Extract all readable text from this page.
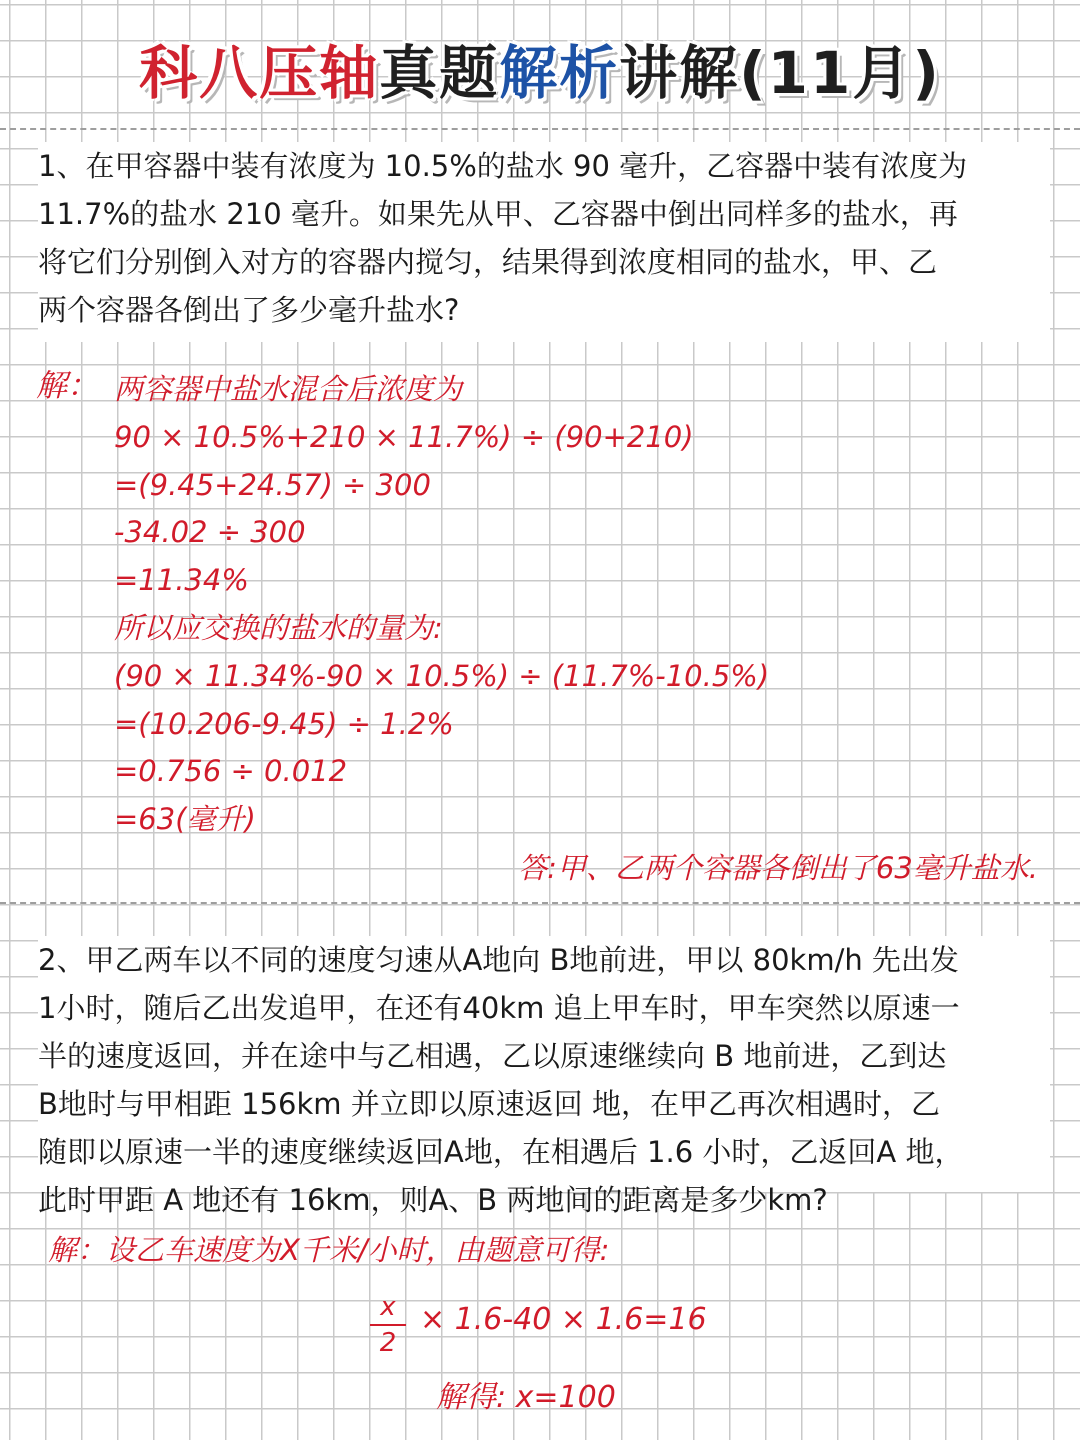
科八压轴真题解析讲解(11月)

1、在甲容器中装有浓度为 10.5%的盐水 90 毫升，乙容器中装有浓度为

11.7%的盐水 210 毫升。如果先从甲、乙容器中倒出同样多的盐水，再

将它们分别倒入对方的容器内搅匀，结果得到浓度相同的盐水，甲、乙

两个容器各倒出了多少毫升盐水?

解： 两容器中盐水混合后浓度为
90 × 10.5%+210 × 11.7%) ÷ (90+210)
=(9.45+24.57) ÷ 300
-34.02 ÷ 300
=11.34%
所以应交换的盐水的量为:
(90 × 11.34%-90 × 10.5%) ÷ (11.7%-10.5%)
=(10.206-9.45) ÷ 1.2%
=0.756 ÷ 0.012
=63(毫升)
答:甲、乙两个容器各倒出了63毫升盐水.

2、甲乙两车以不同的速度匀速从A地向 B地前进，甲以 80km/h 先出发

1小时，随后乙出发追甲，在还有40km 追上甲车时，甲车突然以原速一

半的速度返回，并在途中与乙相遇，乙以原速继续向 B 地前进，乙到达

B地时与甲相距 156km 并立即以原速返回 地，在甲乙再次相遇时，乙

随即以原速一半的速度继续返回A地，在相遇后 1.6 小时，乙返回A 地，

此时甲距 A 地还有 16km，则A、B 两地间的距离是多少km?

解：设乙车速度为X千米/小时，由题意可得:
x
2
× 1.6-40 × 1.6=16
解得: x=100
